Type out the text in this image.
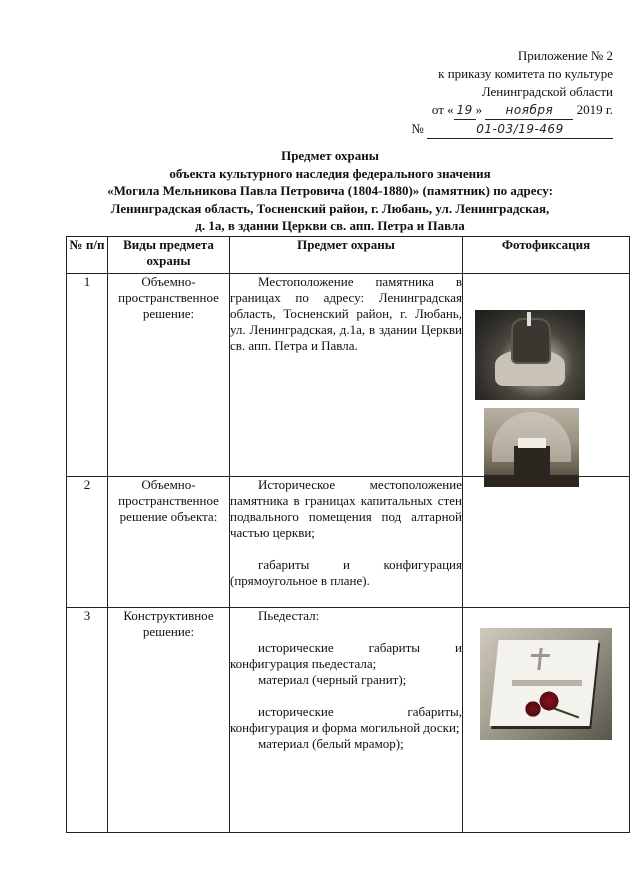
Приложение № 2
к приказу комитета по культуре
Ленинградской области
от « 19 » ноября 2019 г.
№	01-03/19-469
Предмет охраны
объекта культурного наследия федерального значения
«Могила Мельникова Павла Петровича (1804-1880)» (памятник) по адресу:
Ленинградская область, Тосненский район, г. Любань, ул. Ленинградская,
д. 1а, в здании Церкви св. апп. Петра и Павла
№ п/п	Виды предмета охраны	Предмет охраны	Фотофиксация
1	Объемно-пространственное решение:	Местоположение памятника в границах по адресу: Ленинградская область, Тосненский район, г. Любань, ул. Ленинградская, д.1а, в здании Церкви св. апп. Петра и Павла.	

2	Объемно-пространственное решение объекта:	Историческое местоположение памятника в границах капитальных стен подвального помещения под алтарной частью церкви;
габариты и конфигурация (прямоугольное в плане).	

3	Конструктивное решение:	Пьедестал:
исторические габариты и конфигурация пьедестала;
материал (черный гранит);
исторические габариты, конфигурация и форма могильной доски;
материал (белый мрамор);	
